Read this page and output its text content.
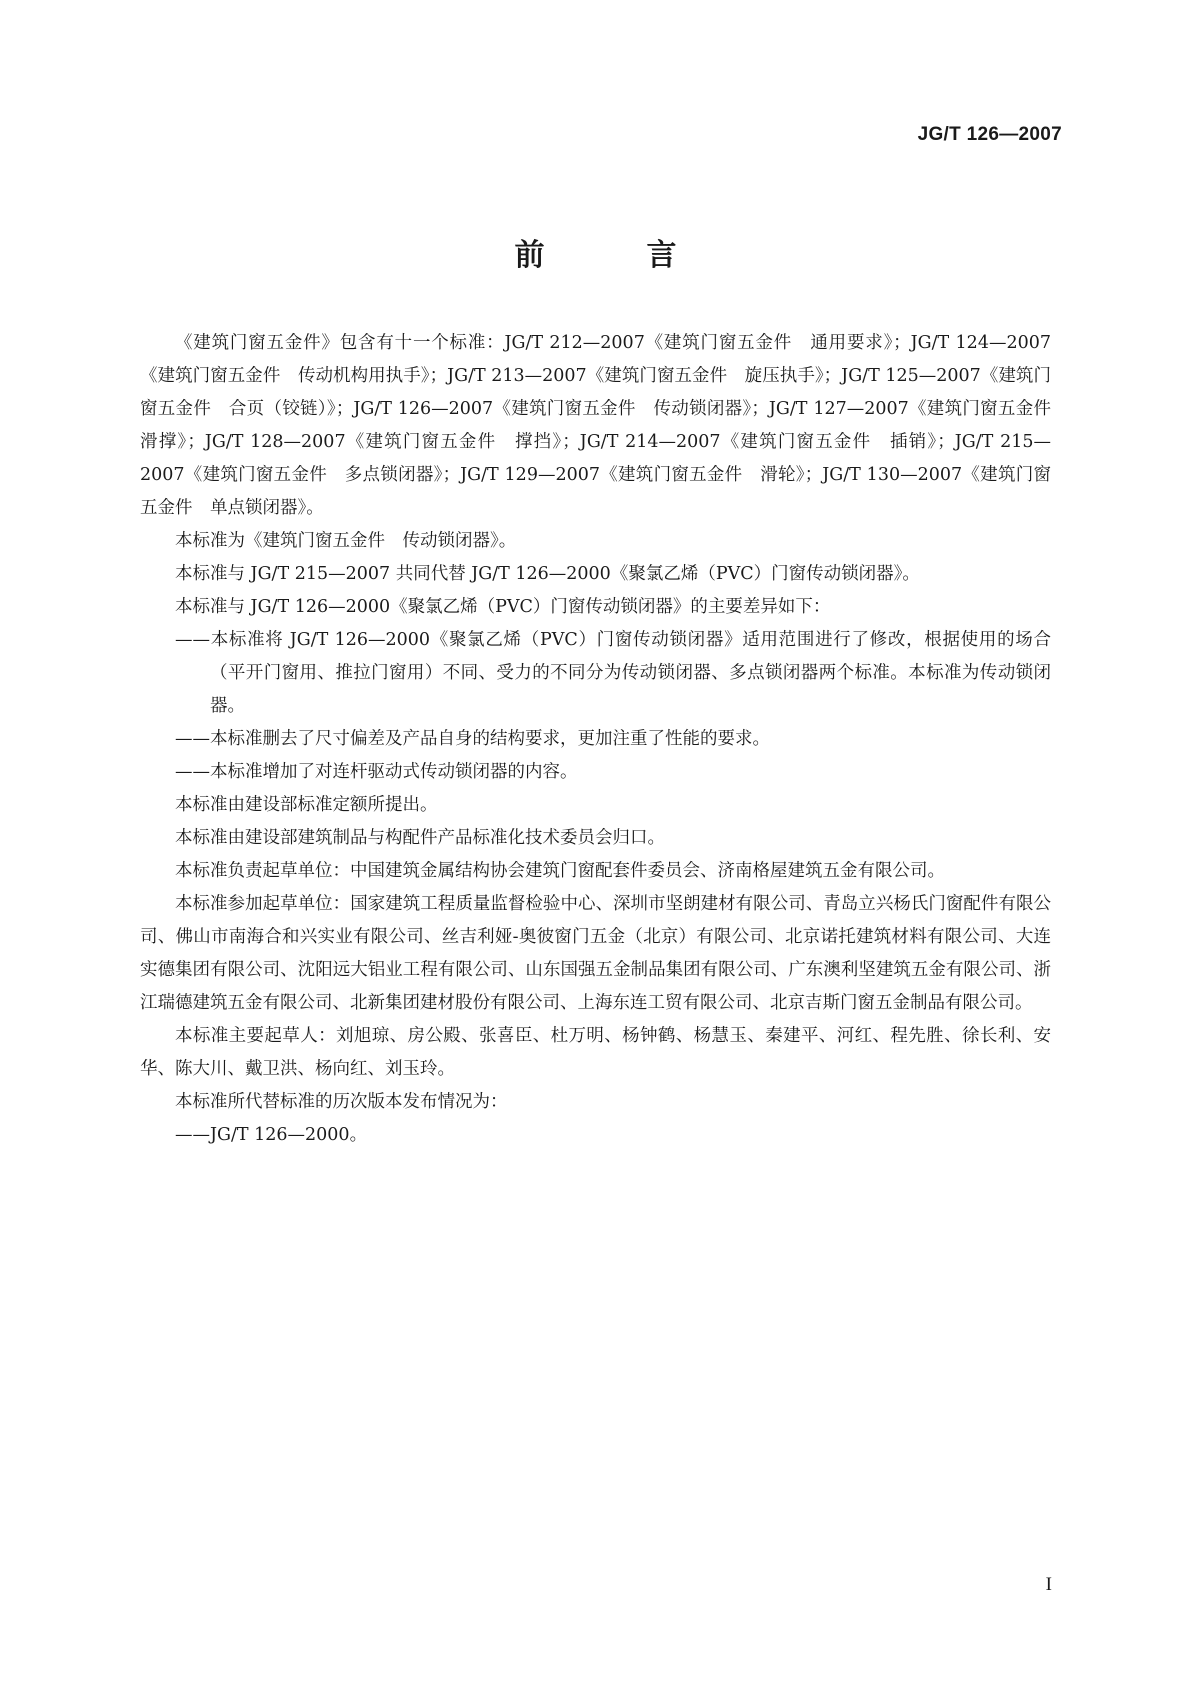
JG/T 126—2007
前　言

《建筑门窗五金件》包含有十一个标准：JG/T 212—2007《建筑门窗五金件　通用要求》；JG/T 124—2007《建筑门窗五金件　传动机构用执手》；JG/T 213—2007《建筑门窗五金件　旋压执手》；JG/T 125—2007《建筑门窗五金件　合页（铰链）》；JG/T 126—2007《建筑门窗五金件　传动锁闭器》；JG/T 127—2007《建筑门窗五金件　滑撑》；JG/T 128—2007《建筑门窗五金件　撑挡》；JG/T 214—2007《建筑门窗五金件　插销》；JG/T 215—2007《建筑门窗五金件　多点锁闭器》；JG/T 129—2007《建筑门窗五金件　滑轮》；JG/T 130—2007《建筑门窗五金件　单点锁闭器》。

本标准为《建筑门窗五金件　传动锁闭器》。

本标准与 JG/T 215—2007 共同代替 JG/T 126—2000《聚氯乙烯（PVC）门窗传动锁闭器》。

本标准与 JG/T 126—2000《聚氯乙烯（PVC）门窗传动锁闭器》的主要差异如下：

——本标准将 JG/T 126—2000《聚氯乙烯（PVC）门窗传动锁闭器》适用范围进行了修改，根据使用的场合（平开门窗用、推拉门窗用）不同、受力的不同分为传动锁闭器、多点锁闭器两个标准。本标准为传动锁闭器。

——本标准删去了尺寸偏差及产品自身的结构要求，更加注重了性能的要求。

——本标准增加了对连杆驱动式传动锁闭器的内容。

本标准由建设部标准定额所提出。

本标准由建设部建筑制品与构配件产品标准化技术委员会归口。

本标准负责起草单位：中国建筑金属结构协会建筑门窗配套件委员会、济南格屋建筑五金有限公司。

本标准参加起草单位：国家建筑工程质量监督检验中心、深圳市坚朗建材有限公司、青岛立兴杨氏门窗配件有限公司、佛山市南海合和兴实业有限公司、丝吉利娅-奥彼窗门五金（北京）有限公司、北京诺托建筑材料有限公司、大连实德集团有限公司、沈阳远大铝业工程有限公司、山东国强五金制品集团有限公司、广东澳利坚建筑五金有限公司、浙江瑞德建筑五金有限公司、北新集团建材股份有限公司、上海东连工贸有限公司、北京吉斯门窗五金制品有限公司。

本标准主要起草人：刘旭琼、房公殿、张喜臣、杜万明、杨钟鹤、杨慧玉、秦建平、河红、程先胜、徐长利、安华、陈大川、戴卫洪、杨向红、刘玉玲。

本标准所代替标准的历次版本发布情况为：

——JG/T 126—2000。

I
